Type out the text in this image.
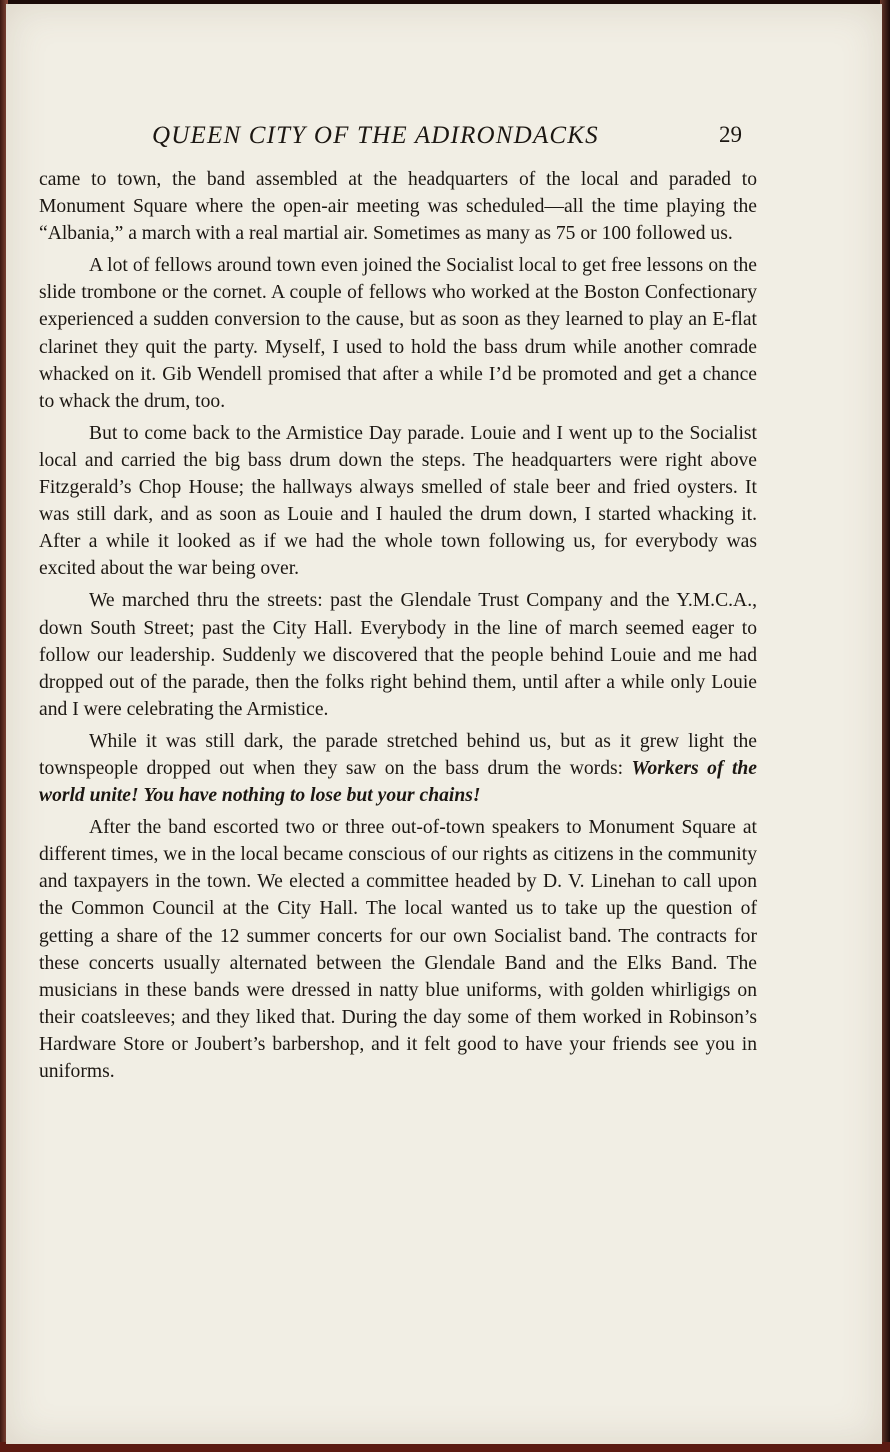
QUEEN CITY OF THE ADIRONDACKS	29

came to town, the band assembled at the headquarters of the local and paraded to Monument Square where the open-air meeting was scheduled—all the time playing the “Albania,” a march with a real martial air. Sometimes as many as 75 or 100 followed us.

A lot of fellows around town even joined the Socialist local to get free lessons on the slide trombone or the cornet. A couple of fellows who worked at the Boston Confectionary experienced a sudden conversion to the cause, but as soon as they learned to play an E-flat clarinet they quit the party. Myself, I used to hold the bass drum while another comrade whacked on it. Gib Wendell promised that after a while I’d be promoted and get a chance to whack the drum, too.

But to come back to the Armistice Day parade. Louie and I went up to the Socialist local and carried the big bass drum down the steps. The headquarters were right above Fitzgerald’s Chop House; the hallways always smelled of stale beer and fried oysters. It was still dark, and as soon as Louie and I hauled the drum down, I started whacking it. After a while it looked as if we had the whole town following us, for everybody was excited about the war being over.

We marched thru the streets: past the Glendale Trust Company and the Y.M.C.A., down South Street; past the City Hall. Everybody in the line of march seemed eager to follow our leadership. Suddenly we discovered that the people behind Louie and me had dropped out of the parade, then the folks right behind them, until after a while only Louie and I were celebrating the Armistice.

While it was still dark, the parade stretched behind us, but as it grew light the townspeople dropped out when they saw on the bass drum the words: Workers of the world unite! You have nothing to lose but your chains!

After the band escorted two or three out-of-town speakers to Monument Square at different times, we in the local became conscious of our rights as citizens in the community and taxpayers in the town. We elected a committee headed by D. V. Linehan to call upon the Common Council at the City Hall. The local wanted us to take up the question of getting a share of the 12 summer concerts for our own Socialist band. The contracts for these concerts usually alternated between the Glendale Band and the Elks Band. The musicians in these bands were dressed in natty blue uniforms, with golden whirligigs on their coatsleeves; and they liked that. During the day some of them worked in Robinson’s Hardware Store or Joubert’s barbershop, and it felt good to have your friends see you in uniforms.
